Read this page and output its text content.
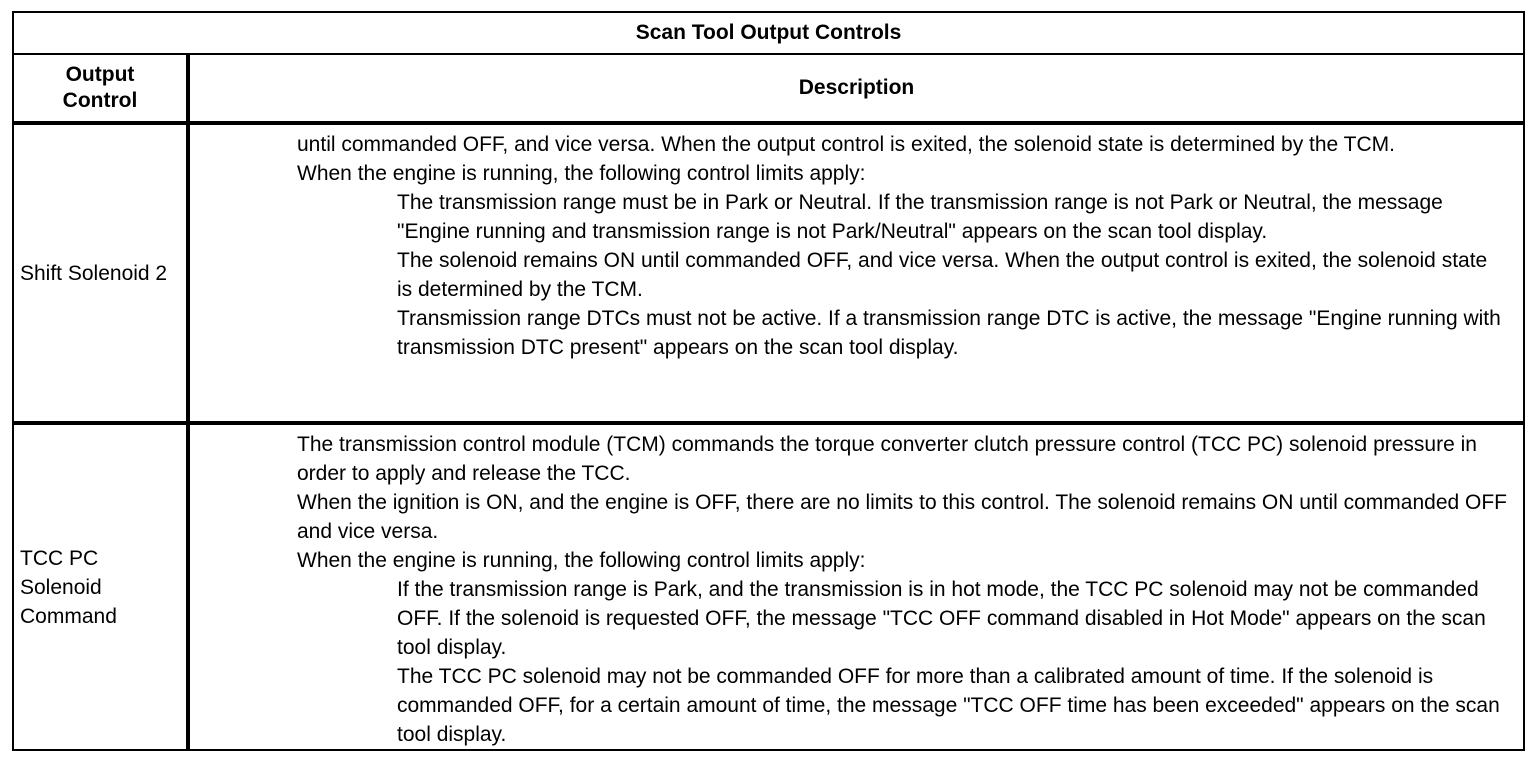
Scan Tool Output Controls
Output Control
Description
Shift Solenoid 2

until commanded OFF, and vice versa. When the output control is exited, the solenoid state is determined by the TCM.

When the engine is running, the following control limits apply:

The transmission range must be in Park or Neutral. If the transmission range is not Park or Neutral, the message "Engine running and transmission range is not Park/Neutral" appears on the scan tool display.

The solenoid remains ON until commanded OFF, and vice versa. When the output control is exited, the solenoid state is determined by the TCM.

Transmission range DTCs must not be active. If a transmission range DTC is active, the message "Engine running with transmission DTC present" appears on the scan tool display.

TCC PC Solenoid Command

The transmission control module (TCM) commands the torque converter clutch pressure control (TCC PC) solenoid pressure in order to apply and release the TCC.

When the ignition is ON, and the engine is OFF, there are no limits to this control. The solenoid remains ON until commanded OFF and vice versa.

When the engine is running, the following control limits apply:

If the transmission range is Park, and the transmission is in hot mode, the TCC PC solenoid may not be commanded OFF. If the solenoid is requested OFF, the message "TCC OFF command disabled in Hot Mode" appears on the scan tool display.

The TCC PC solenoid may not be commanded OFF for more than a calibrated amount of time. If the solenoid is commanded OFF, for a certain amount of time, the message "TCC OFF time has been exceeded" appears on the scan tool display.
